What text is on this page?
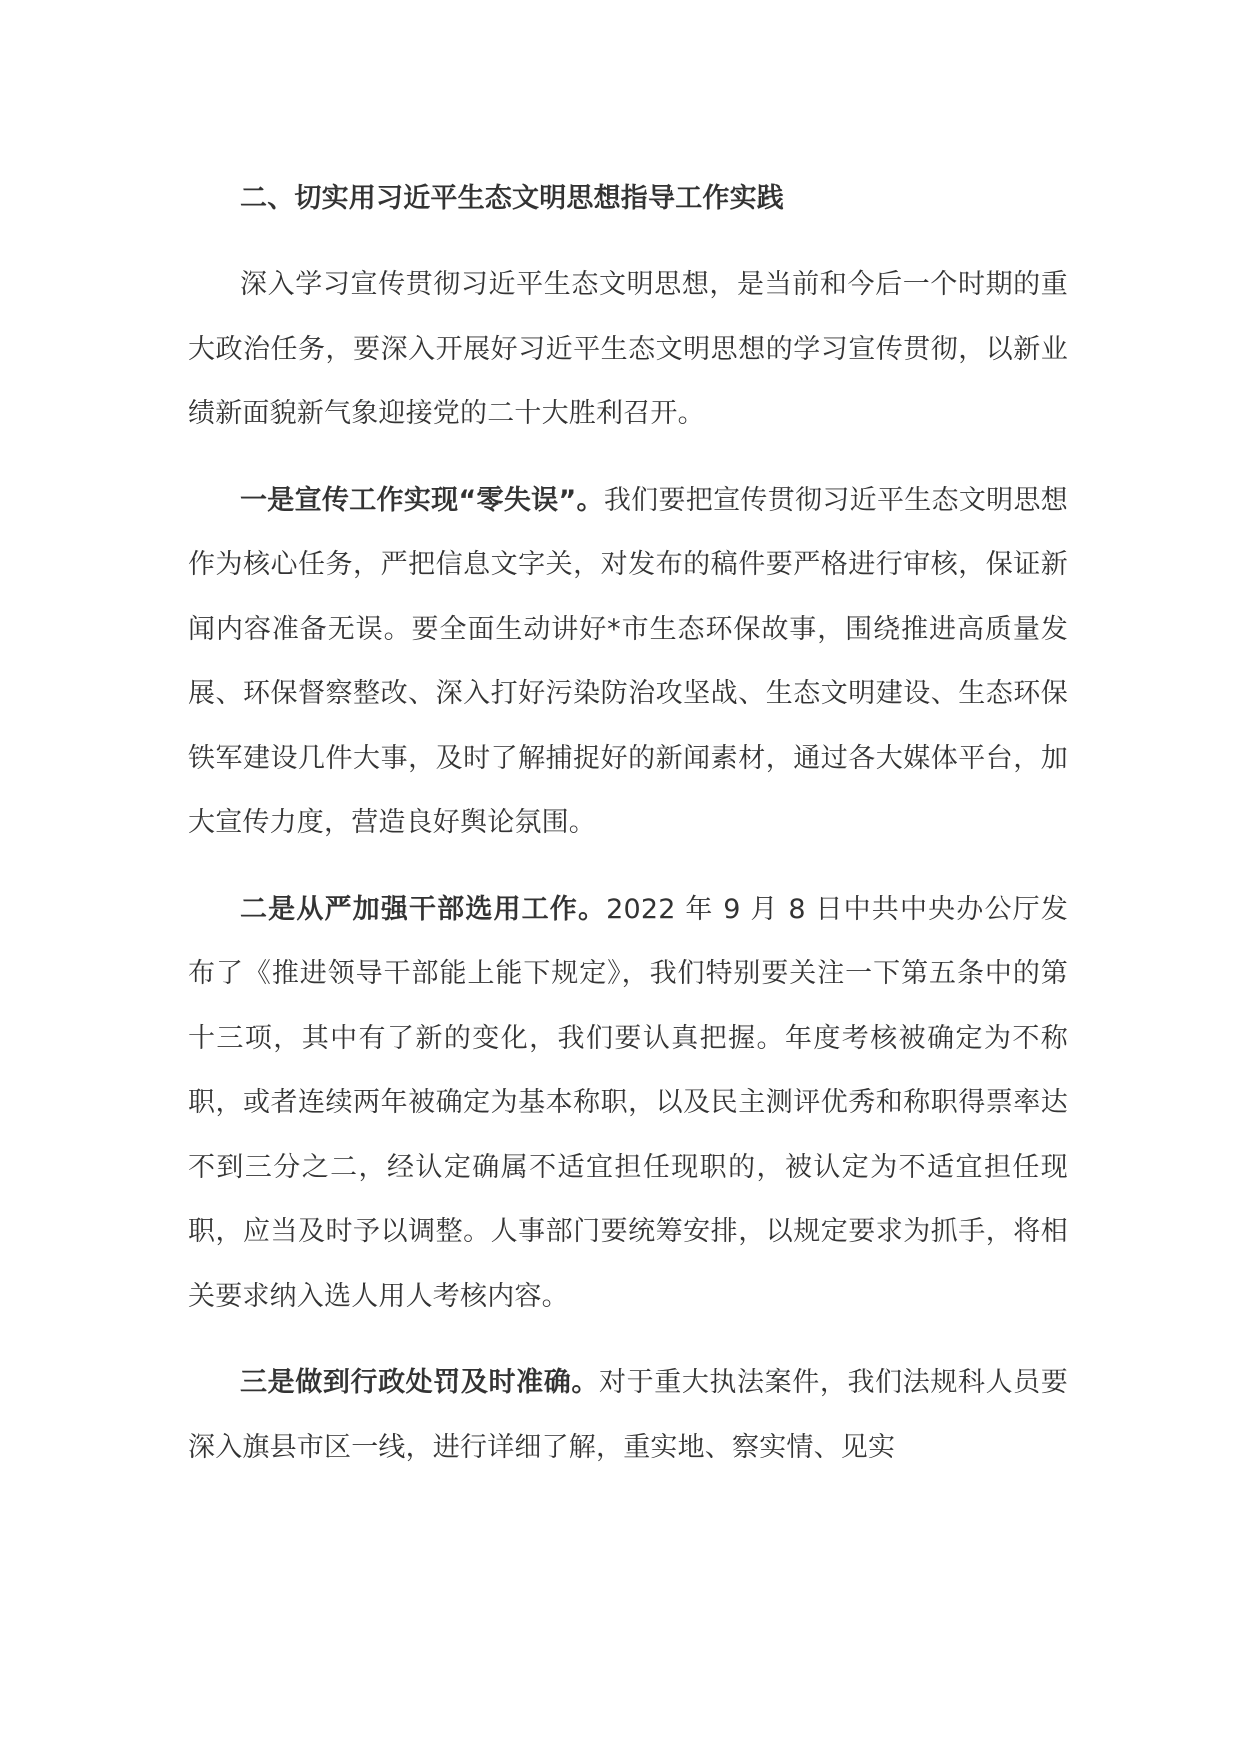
二、切实用习近平生态文明思想指导工作实践

深入学习宣传贯彻习近平生态文明思想，是当前和今后一个时期的重大政治任务，要深入开展好习近平生态文明思想的学习宣传贯彻，以新业绩新面貌新气象迎接党的二十大胜利召开。

一是宣传工作实现“零失误”。我们要把宣传贯彻习近平生态文明思想作为核心任务，严把信息文字关，对发布的稿件要严格进行审核，保证新闻内容准备无误。要全面生动讲好*市生态环保故事，围绕推进高质量发展、环保督察整改、深入打好污染防治攻坚战、生态文明建设、生态环保铁军建设几件大事，及时了解捕捉好的新闻素材，通过各大媒体平台，加大宣传力度，营造良好舆论氛围。

二是从严加强干部选用工作。2022 年 9 月 8 日中共中央办公厅发布了《推进领导干部能上能下规定》，我们特别要关注一下第五条中的第十三项，其中有了新的变化，我们要认真把握。年度考核被确定为不称职，或者连续两年被确定为基本称职，以及民主测评优秀和称职得票率达不到三分之二，经认定确属不适宜担任现职的，被认定为不适宜担任现职，应当及时予以调整。人事部门要统筹安排，以规定要求为抓手，将相关要求纳入选人用人考核内容。

三是做到行政处罚及时准确。对于重大执法案件，我们法规科人员要深入旗县市区一线，进行详细了解，重实地、察实情、见实
